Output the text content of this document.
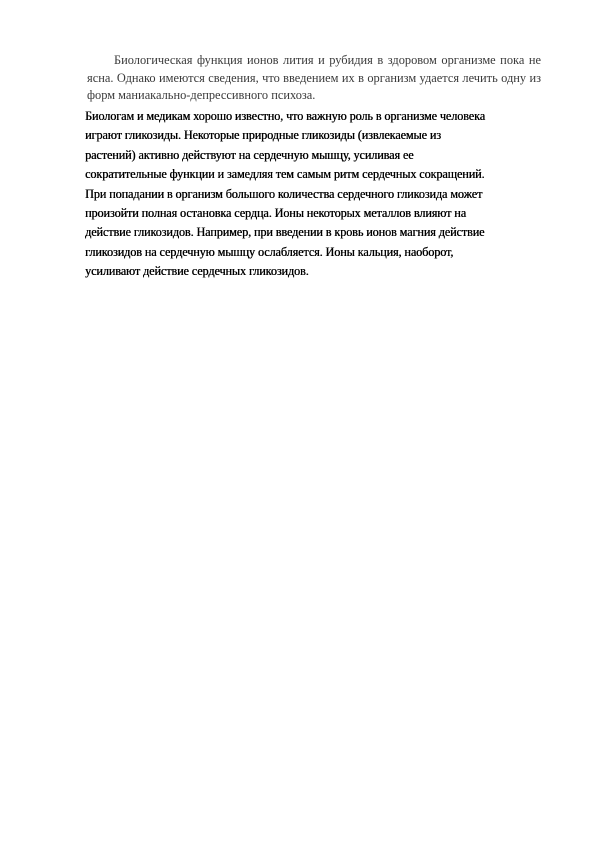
Биологическая функция ионов лития и рубидия в здоровом организме пока не ясна. Однако имеются сведения, что введением их в организм удается лечить одну из форм маниакально-депрессивного психоза.

Биологам и медикам хорошо известно, что важную роль в организме человека
играют гликозиды. Некоторые природные гликозиды (извлекаемые из
растений) активно действуют на сердечную мышцу, усиливая ее
сократительные функции и замедляя тем самым ритм сердечных сокращений.
При попадании в организм большого количества сердечного гликозида может
произойти полная остановка сердца. Ионы некоторых металлов влияют на
действие гликозидов. Например, при введении в кровь ионов магния действие
гликозидов на сердечную мышцу ослабляется. Ионы кальция, наоборот,
усиливают действие сердечных гликозидов.
